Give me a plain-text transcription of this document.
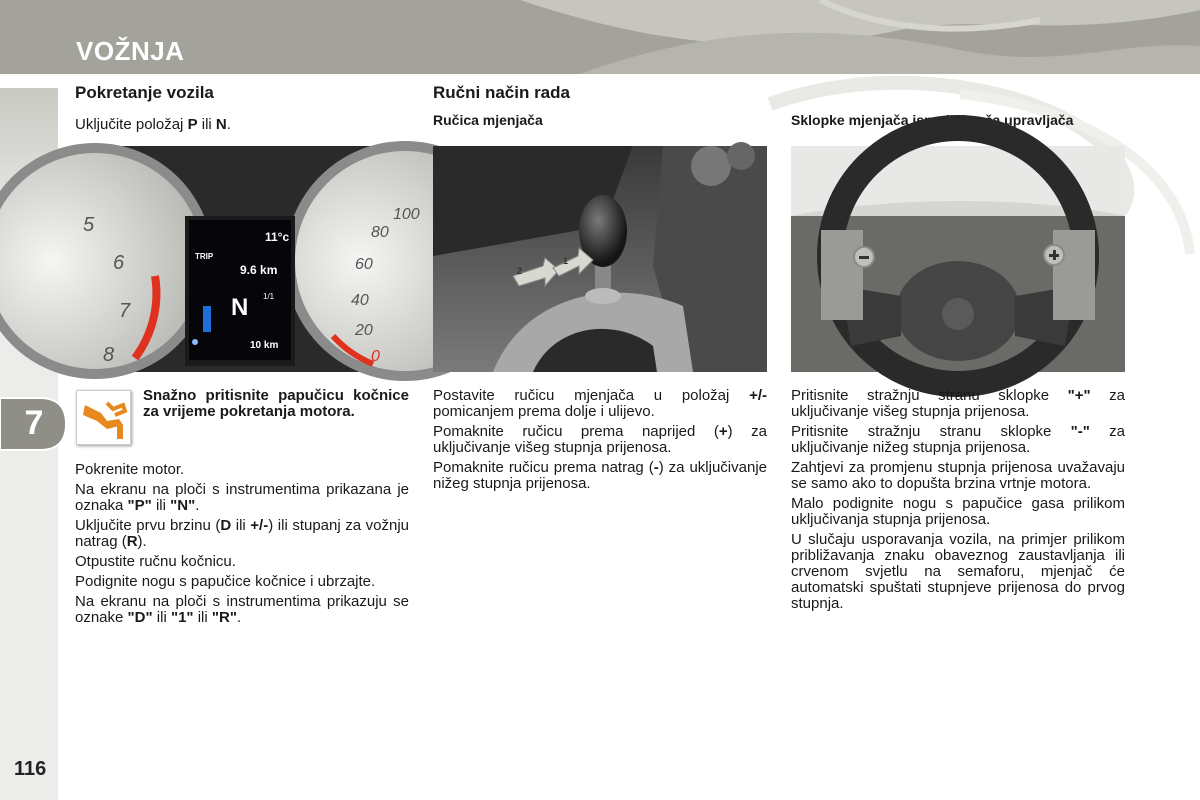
VOŽNJA
7
116
Pokretanje vozila
Uključite položaj P ili N.
TRIP
11°c
9.6 km
N 1/1
10 km
5
6
7
8
100
80
60
40
20
0
Snažno pritisnite papučicu kočnice za vrijeme pokretanja motora.

Pokrenite motor.

Na ekranu na ploči s instrumentima prikazana je oznaka "P" ili "N".

Uključite prvu brzinu (D ili +/-) ili stupanj za vožnju natrag (R).

Otpustite ručnu kočnicu.

Podignite nogu s papučice kočnice i ubrzajte.

Na ekranu na ploči s instrumentima prikazuju se oznake "D" ili "1" ili "R".

Ručni način rada
Ručica mjenjača
2
1

Postavite ručicu mjenjača u položaj +/- pomicanjem prema dolje i ulijevo.

Pomaknite ručicu prema naprijed (+) za uključivanje višeg stupnja prijenosa.

Pomaknite ručicu prema natrag (-) za uključivanje nižeg stupnja prijenosa.

Sklopke mjenjača ispod obruča upravljača

Pritisnite stražnju stranu sklopke "+" za uključivanje višeg stupnja prijenosa.

Pritisnite stražnju stranu sklopke "-" za uključivanje nižeg stupnja prijenosa.

Zahtjevi za promjenu stupnja prijenosa uvažavaju se samo ako to dopušta brzina vrtnje motora.

Malo podignite nogu s papučice gasa prilikom uključivanja stupnja prijenosa.

U slučaju usporavanja vozila, na primjer prilikom približavanja znaku obaveznog zaustavljanja ili crvenom svjetlu na semaforu, mjenjač će automatski spuštati stupnjeve prijenosa do prvog stupnja.
